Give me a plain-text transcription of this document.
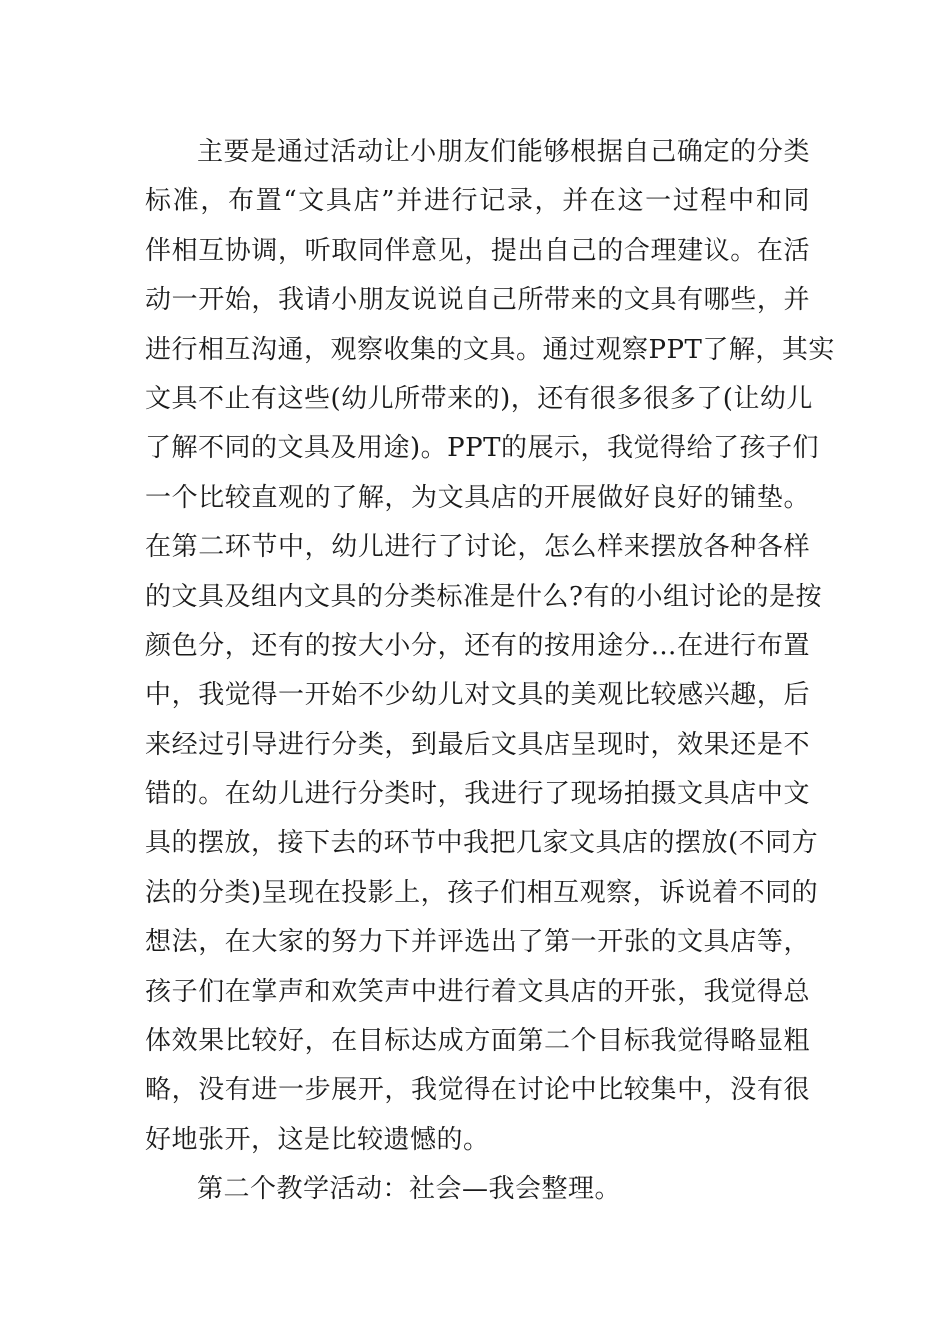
主要是通过活动让小朋友们能够根据自己确定的分类
标准，布置“文具店”并进行记录，并在这一过程中和同
伴相互协调，听取同伴意见，提出自己的合理建议。在活
动一开始，我请小朋友说说自己所带来的文具有哪些，并
进行相互沟通，观察收集的文具。通过观察PPT了解，其实
文具不止有这些(幼儿所带来的)，还有很多很多了(让幼儿
了解不同的文具及用途)。PPT的展示，我觉得给了孩子们
一个比较直观的了解，为文具店的开展做好良好的铺垫。
在第二环节中，幼儿进行了讨论，怎么样来摆放各种各样
的文具及组内文具的分类标准是什么?有的小组讨论的是按
颜色分，还有的按大小分，还有的按用途分…在进行布置
中，我觉得一开始不少幼儿对文具的美观比较感兴趣，后
来经过引导进行分类，到最后文具店呈现时，效果还是不
错的。在幼儿进行分类时，我进行了现场拍摄文具店中文
具的摆放，接下去的环节中我把几家文具店的摆放(不同方
法的分类)呈现在投影上，孩子们相互观察，诉说着不同的
想法，在大家的努力下并评选出了第一开张的文具店等，
孩子们在掌声和欢笑声中进行着文具店的开张，我觉得总
体效果比较好，在目标达成方面第二个目标我觉得略显粗
略，没有进一步展开，我觉得在讨论中比较集中，没有很
好地张开，这是比较遗憾的。
第二个教学活动：社会—我会整理。
